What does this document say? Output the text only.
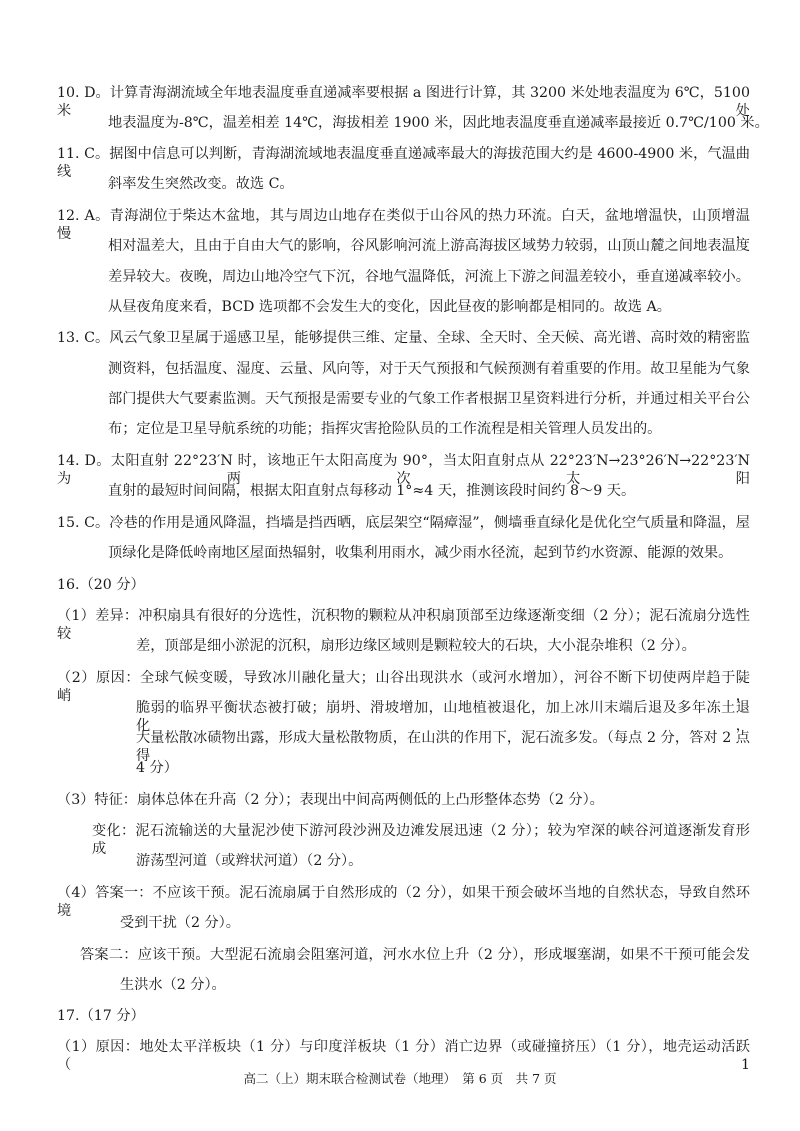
10. D。计算青海湖流域全年地表温度垂直递减率要根据 a 图进行计算，其 3200 米处地表温度为 6℃，5100 米处
地表温度为-8℃，温差相差 14℃，海拔相差 1900 米，因此地表温度垂直递减率最接近 0.7℃/100 米。
11. C。据图中信息可以判断，青海湖流域地表温度垂直递减率最大的海拔范围大约是 4600-4900 米，气温曲线
斜率发生突然改变。故选 C。
12. A。青海湖位于柴达木盆地，其与周边山地存在类似于山谷风的热力环流。白天，盆地增温快，山顶增温慢，
相对温差大，且由于自由大气的影响，谷风影响河流上游高海拔区域势力较弱，山顶山麓之间地表温度
差异较大。夜晚，周边山地冷空气下沉，谷地气温降低，河流上下游之间温差较小，垂直递减率较小。
从昼夜角度来看，BCD 选项都不会发生大的变化，因此昼夜的影响都是相同的。故选 A。
13. C。风云气象卫星属于遥感卫星，能够提供三维、定量、全球、全天时、全天候、高光谱、高时效的精密监
测资料，包括温度、湿度、云量、风向等，对于天气预报和气候预测有着重要的作用。故卫星能为气象
部门提供大气要素监测。天气预报是需要专业的气象工作者根据卫星资料进行分析，并通过相关平台公
布；定位是卫星导航系统的功能；指挥灾害抢险队员的工作流程是相关管理人员发出的。
14. D。太阳直射 22°23′N 时，该地正午太阳高度为 90°，当太阳直射点从 22°23′N→23°26′N→22°23′N 为两次太阳
直射的最短时间间隔，根据太阳直射点每移动 1°≈4 天，推测该段时间约 8～9 天。
15. C。冷巷的作用是通风降温，挡墙是挡西晒，底层架空“隔瘴湿”，侧墙垂直绿化是优化空气质量和降温，屋
顶绿化是降低岭南地区屋面热辐射，收集利用雨水，减少雨水径流，起到节约水资源、能源的效果。
16.（20 分）
（1）差异：冲积扇具有很好的分选性，沉积物的颗粒从冲积扇顶部至边缘逐渐变细（2 分）；泥石流扇分选性较
差，顶部是细小淤泥的沉积，扇形边缘区域则是颗粒较大的石块，大小混杂堆积（2 分）。
（2）原因：全球气候变暖，导致冰川融化量大；山谷出现洪水（或河水增加），河谷不断下切使两岸趋于陡峭，
脆弱的临界平衡状态被打破；崩坍、滑坡增加，山地植被退化，加上冰川末端后退及多年冻土退化，
大量松散冰碛物出露，形成大量松散物质，在山洪的作用下，泥石流多发。（每点 2 分，答对 2 点得
4 分）
（3）特征：扇体总体在升高（2 分）；表现出中间高两侧低的上凸形整体态势（2 分）。
变化：泥石流输送的大量泥沙使下游河段沙洲及边滩发展迅速（2 分）；较为窄深的峡谷河道逐渐发育形成
游荡型河道（或辫状河道）（2 分）。
（4）答案一：不应该干预。泥石流扇属于自然形成的（2 分），如果干预会破坏当地的自然状态，导致自然环境
受到干扰（2 分）。
答案二：应该干预。大型泥石流扇会阻塞河道，河水水位上升（2 分），形成堰塞湖，如果不干预可能会发
生洪水（2 分）。
17.（17 分）
（1）原因：地处太平洋板块（1 分）与印度洋板块（1 分）消亡边界（或碰撞挤压）（1 分），地壳运动活跃（1
高二（上）期末联合检测试卷（地理）　第 6 页　共 7 页
